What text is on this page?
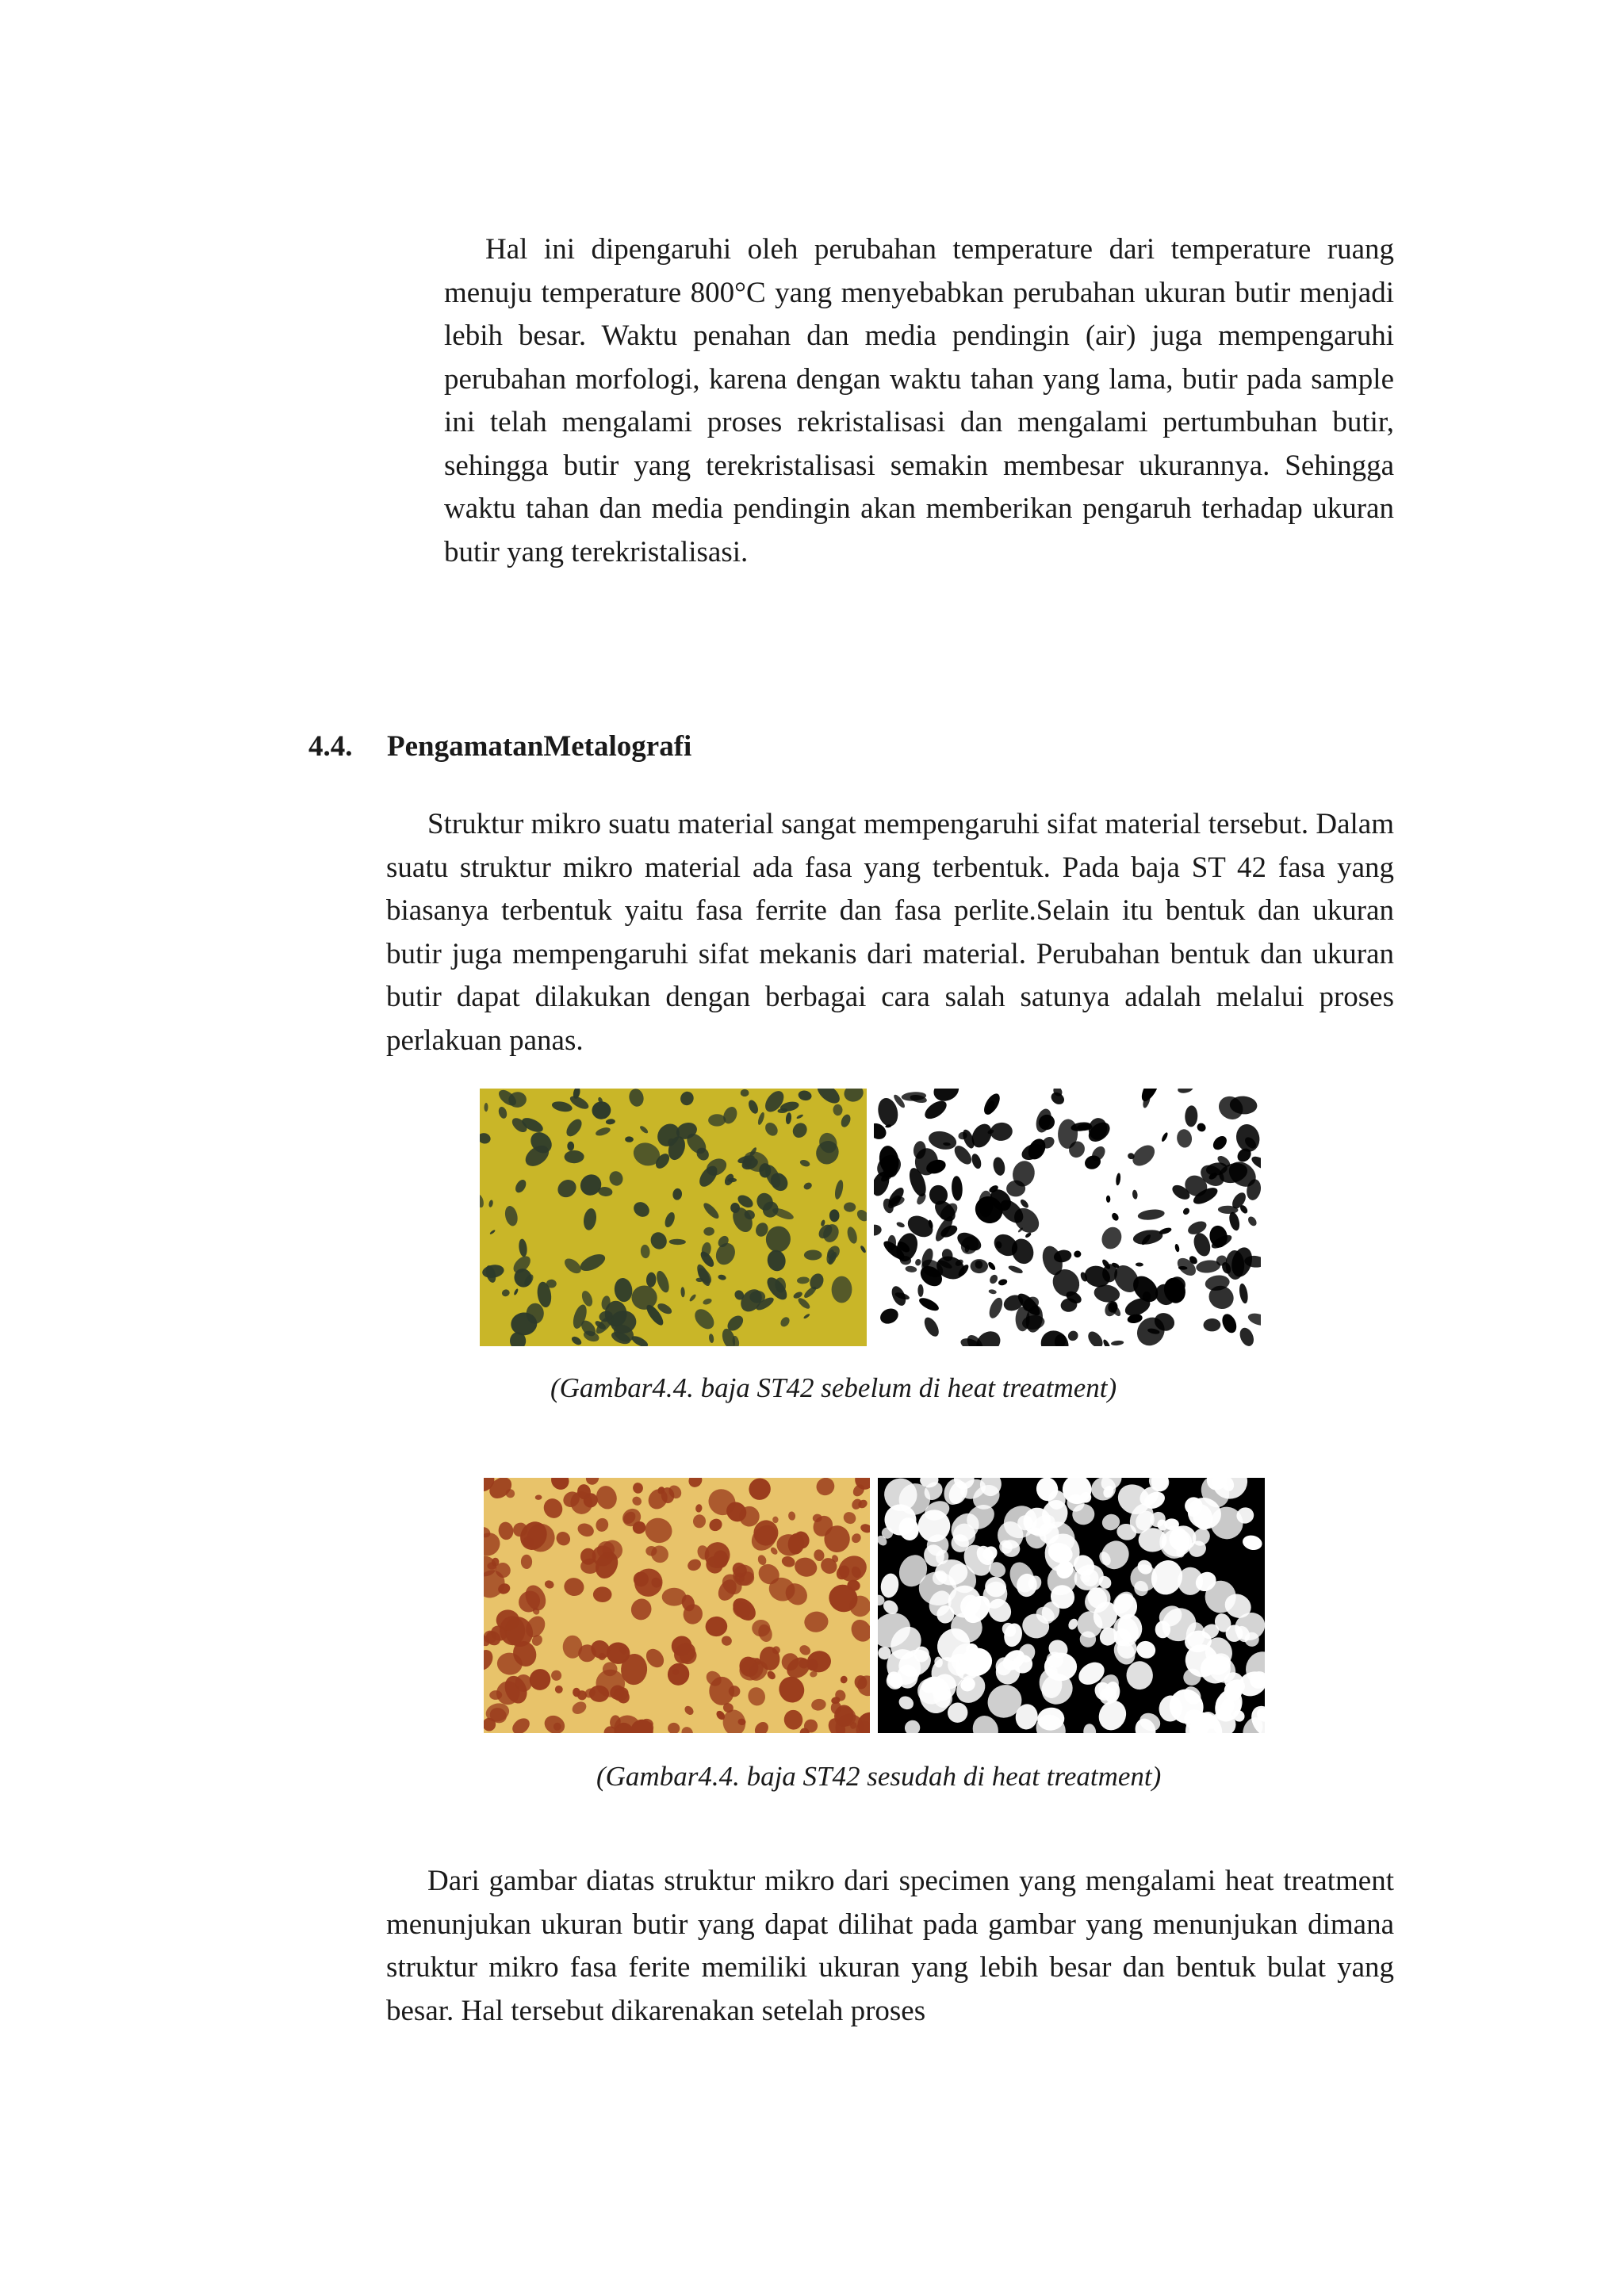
Hal ini dipengaruhi oleh perubahan temperature dari temperature ruang menuju temperature 800°C yang menyebabkan perubahan ukuran butir menjadi lebih besar. Waktu penahan dan media pendingin (air) juga mempengaruhi perubahan morfologi, karena dengan waktu tahan yang lama, butir pada sample ini telah mengalami proses rekristalisasi dan mengalami pertumbuhan butir, sehingga butir yang terekristalisasi semakin membesar ukurannya. Sehingga waktu tahan dan media pendingin akan memberikan pengaruh terhadap ukuran butir yang terekristalisasi.

4.4. PengamatanMetalografi

Struktur mikro suatu material sangat mempengaruhi sifat material tersebut. Dalam suatu struktur mikro material ada fasa yang terbentuk. Pada baja ST 42 fasa yang biasanya terbentuk yaitu fasa ferrite dan fasa perlite.Selain itu bentuk dan ukuran butir juga mempengaruhi sifat mekanis dari material. Perubahan bentuk dan ukuran butir dapat dilakukan dengan berbagai cara salah satunya adalah melalui proses perlakuan panas.

(Gambar4.4. baja ST42 sebelum di heat treatment)

(Gambar4.4. baja ST42 sesudah di heat treatment)

Dari gambar diatas struktur mikro dari specimen yang mengalami heat treatment menunjukan ukuran butir yang dapat dilihat pada gambar yang menunjukan dimana struktur mikro fasa ferite memiliki ukuran yang lebih besar dan bentuk bulat yang besar. Hal tersebut dikarenakan setelah proses
